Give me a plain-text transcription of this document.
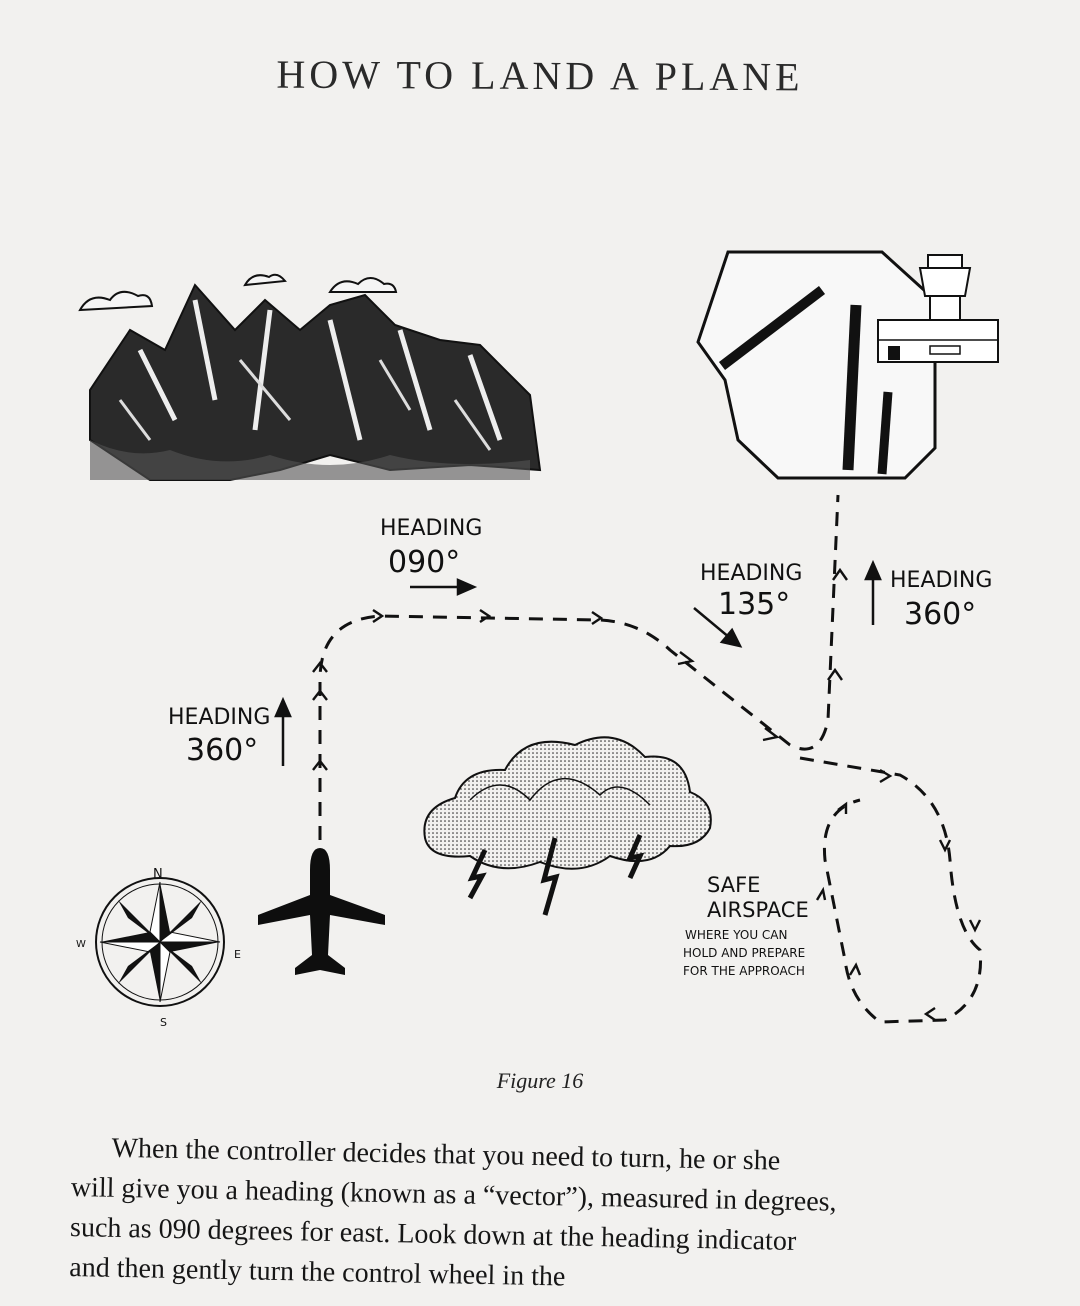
HOW TO LAND A PLANE
N
E
S
W
HEADING
360°
HEADING
090°	HEADING
135°
HEADING
360°
SAFE
AIRSPACE
WHERE YOU CAN
HOLD AND PREPARE
FOR THE APPROACH
Figure 16

When the controller decides that you need to turn, he or she

will give you a heading (known as a “vector”), measured in degrees,
such as 090 degrees for east. Look down at the heading indicator
and then gently turn the control wheel in the
